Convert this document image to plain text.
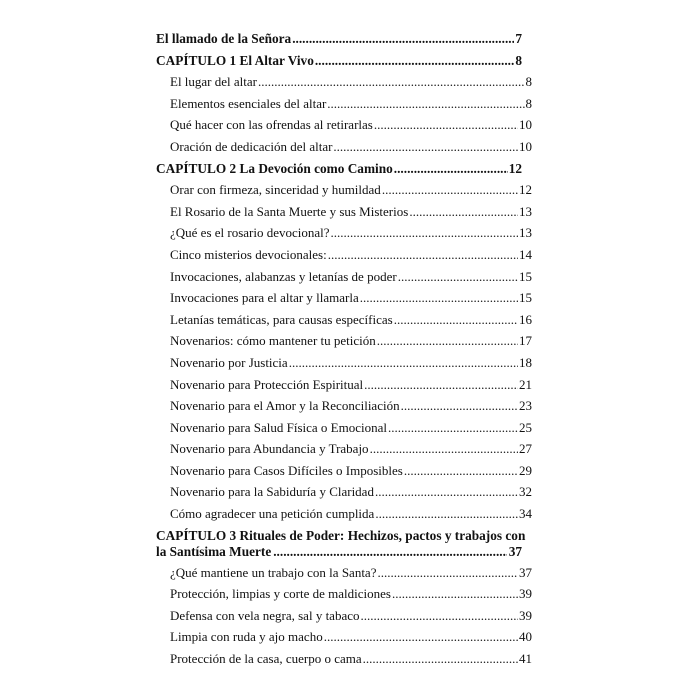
El llamado de la Señora .....	7
CAPÍTULO 1 El Altar Vivo .....	8
El lugar del altar .....	8
Elementos esenciales del altar .....	8
Qué hacer con las ofrendas al retirarlas .....	10
Oración de dedicación del altar .....	10
CAPÍTULO 2 La Devoción como Camino .....	12
Orar con firmeza, sinceridad y humildad .....	12
El Rosario de la Santa Muerte y sus Misterios .....	13
¿Qué es el rosario devocional? .....	13
Cinco misterios devocionales: .....	14
Invocaciones, alabanzas y letanías de poder .....	15
Invocaciones para el altar y llamarla .....	15
Letanías temáticas, para causas específicas .....	16
Novenarios: cómo mantener tu petición .....	17
Novenario por Justicia .....	18
Novenario para Protección Espiritual .....	21
Novenario para el Amor y la Reconciliación .....	23
Novenario para Salud Física o Emocional .....	25
Novenario para Abundancia y Trabajo .....	27
Novenario para Casos Difíciles o Imposibles .....	29
Novenario para la Sabiduría y Claridad .....	32
Cómo agradecer una petición cumplida .....	34
CAPÍTULO 3 Rituales de Poder: Hechizos, pactos y trabajos con
la Santísima Muerte .....	37
¿Qué mantiene un trabajo con la Santa? .....	37
Protección, limpias y corte de maldiciones .....	39
Defensa con vela negra, sal y tabaco .....	39
Limpia con ruda y ajo macho .....	40
Protección de la casa, cuerpo o cama .....	41
